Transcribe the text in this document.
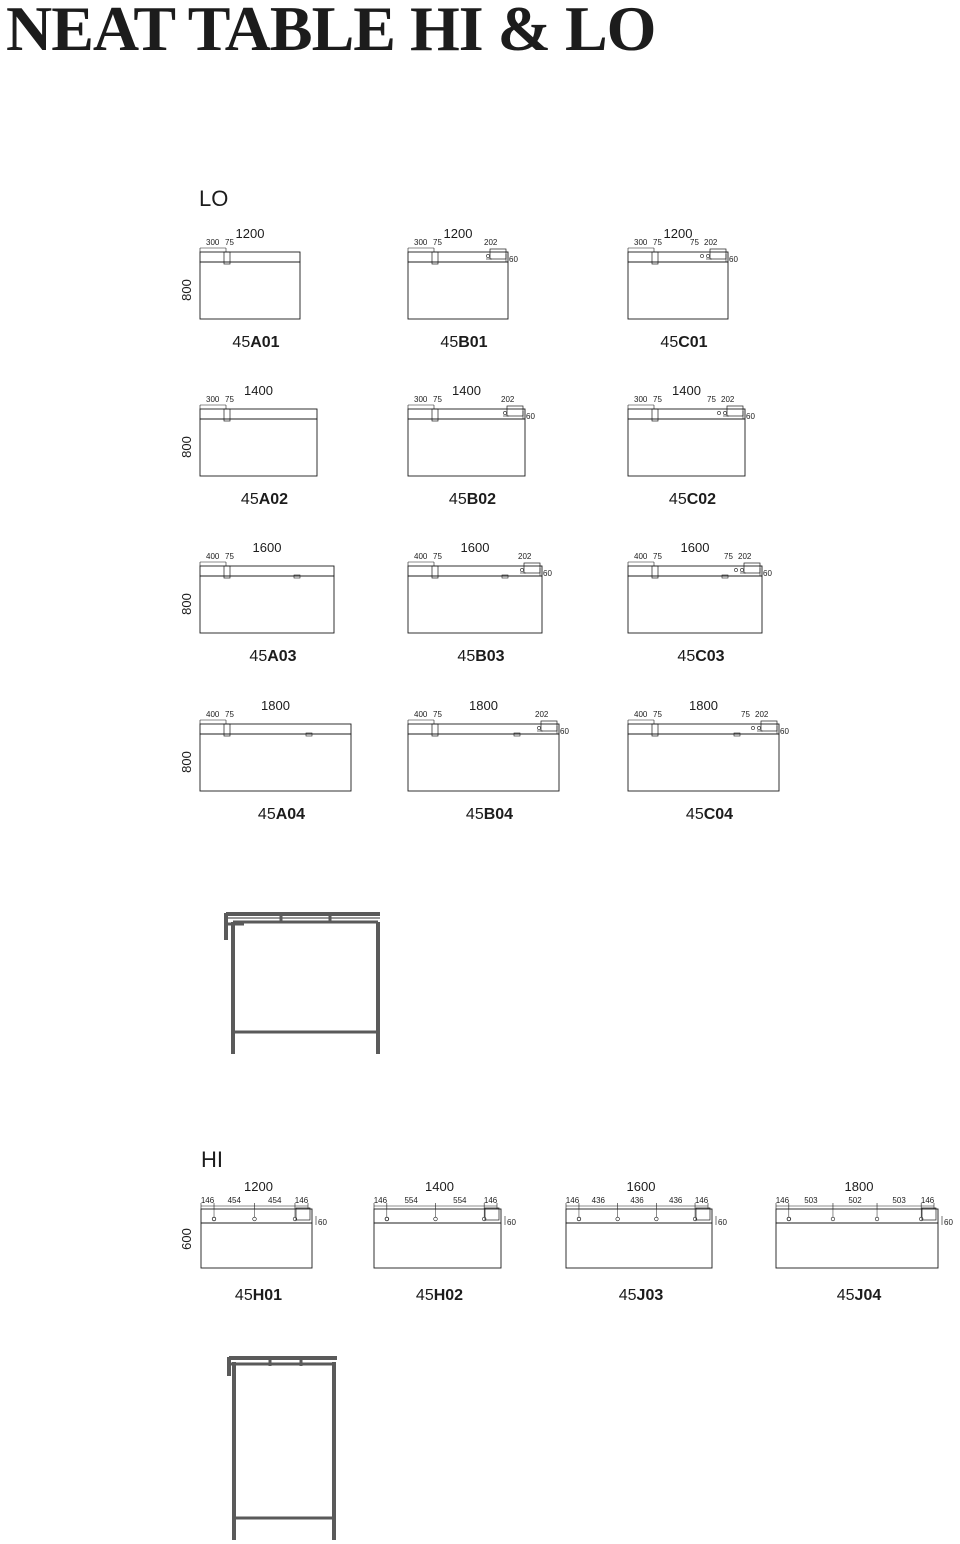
NEAT TABLE HI & LO
LO
HI
800
1200
300 75
45A01
1200
300 75
60
202
45B01
1200
300 75
60
202
75
45C01
800
1400
300 75
45A02
1400
300 75
60
202
45B02
1400
300 75
60
202
75
45C02
800
1600
400 75
45A03
1600
400 75
60
202
45B03
1600
400 75
60
202
75
45C03
800
1800
400 75
45A04
1800
400 75
60
202
45B04
1800
400 75
60
202
75
45C04
600
1200
146 454	454 146
60
45H01
1400
146 554	554 146
60
45H02
1600
146 436	436	436 146
60
45J03
1800
146 503	502	503 146
60
45J04
